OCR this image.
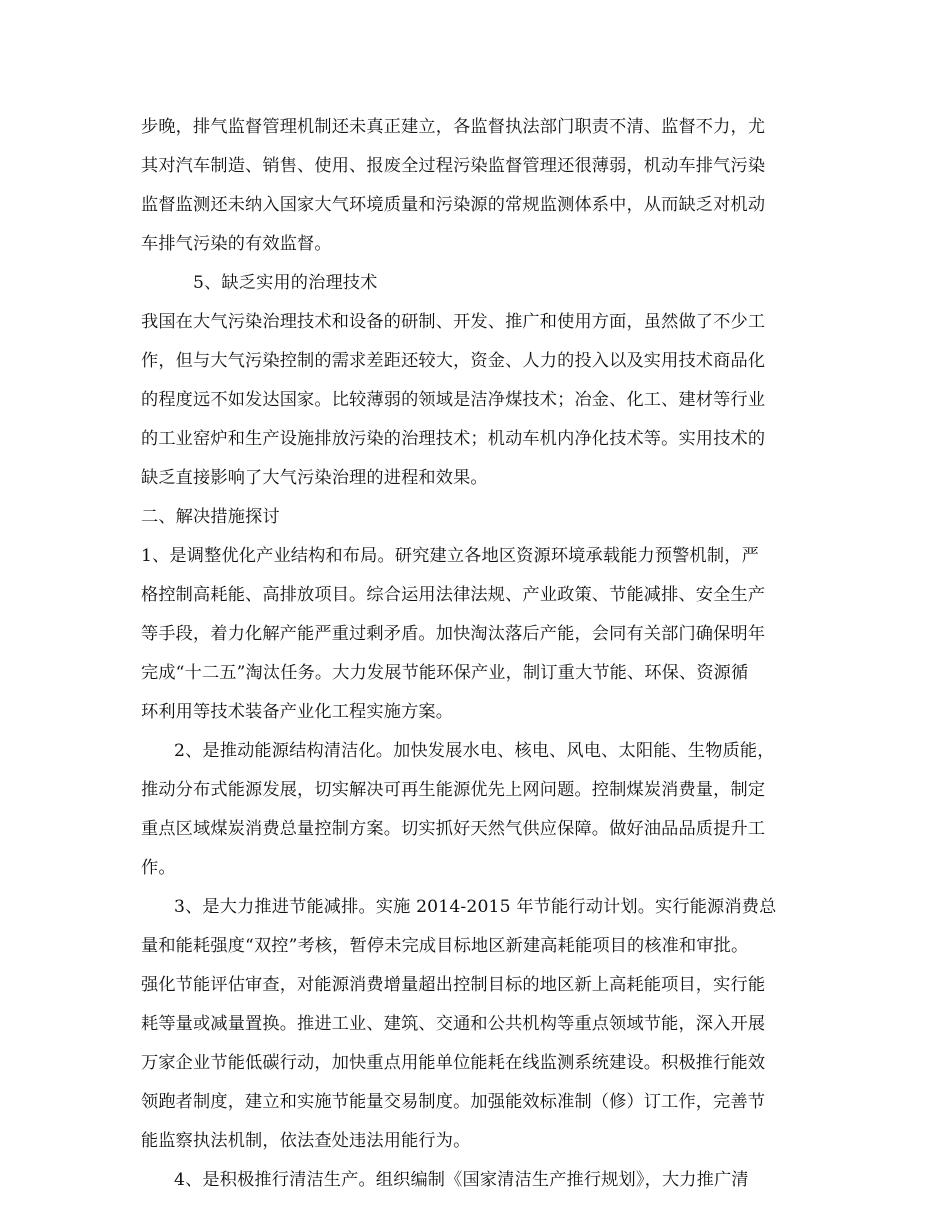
步晚，排气监督管理机制还未真正建立，各监督执法部门职责不清、监督不力，尤
其对汽车制造、销售、使用、报废全过程污染监督管理还很薄弱，机动车排气污染
监督监测还未纳入国家大气环境质量和污染源的常规监测体系中，从而缺乏对机动
车排气污染的有效监督。
5、缺乏实用的治理技术
我国在大气污染治理技术和设备的研制、开发、推广和使用方面，虽然做了不少工
作，但与大气污染控制的需求差距还较大，资金、人力的投入以及实用技术商品化
的程度远不如发达国家。比较薄弱的领域是洁净煤技术；冶金、化工、建材等行业
的工业窑炉和生产设施排放污染的治理技术；机动车机内净化技术等。实用技术的
缺乏直接影响了大气污染治理的进程和效果。
二、解决措施探讨
1、是调整优化产业结构和布局。研究建立各地区资源环境承载能力预警机制，严
格控制高耗能、高排放项目。综合运用法律法规、产业政策、节能减排、安全生产
等手段，着力化解产能严重过剩矛盾。加快淘汰落后产能，会同有关部门确保明年
完成“十二五”淘汰任务。大力发展节能环保产业，制订重大节能、环保、资源循
环利用等技术装备产业化工程实施方案。
2、是推动能源结构清洁化。加快发展水电、核电、风电、太阳能、生物质能，
推动分布式能源发展，切实解决可再生能源优先上网问题。控制煤炭消费量，制定
重点区域煤炭消费总量控制方案。切实抓好天然气供应保障。做好油品品质提升工
作。
3、是大力推进节能减排。实施 2014-2015 年节能行动计划。实行能源消费总
量和能耗强度“双控”考核，暂停未完成目标地区新建高耗能项目的核准和审批。
强化节能评估审查，对能源消费增量超出控制目标的地区新上高耗能项目，实行能
耗等量或减量置换。推进工业、建筑、交通和公共机构等重点领域节能，深入开展
万家企业节能低碳行动，加快重点用能单位能耗在线监测系统建设。积极推行能效
领跑者制度，建立和实施节能量交易制度。加强能效标准制（修）订工作，完善节
能监察执法机制，依法查处违法用能行为。
4、是积极推行清洁生产。组织编制《国家清洁生产推行规划》，大力推广清
